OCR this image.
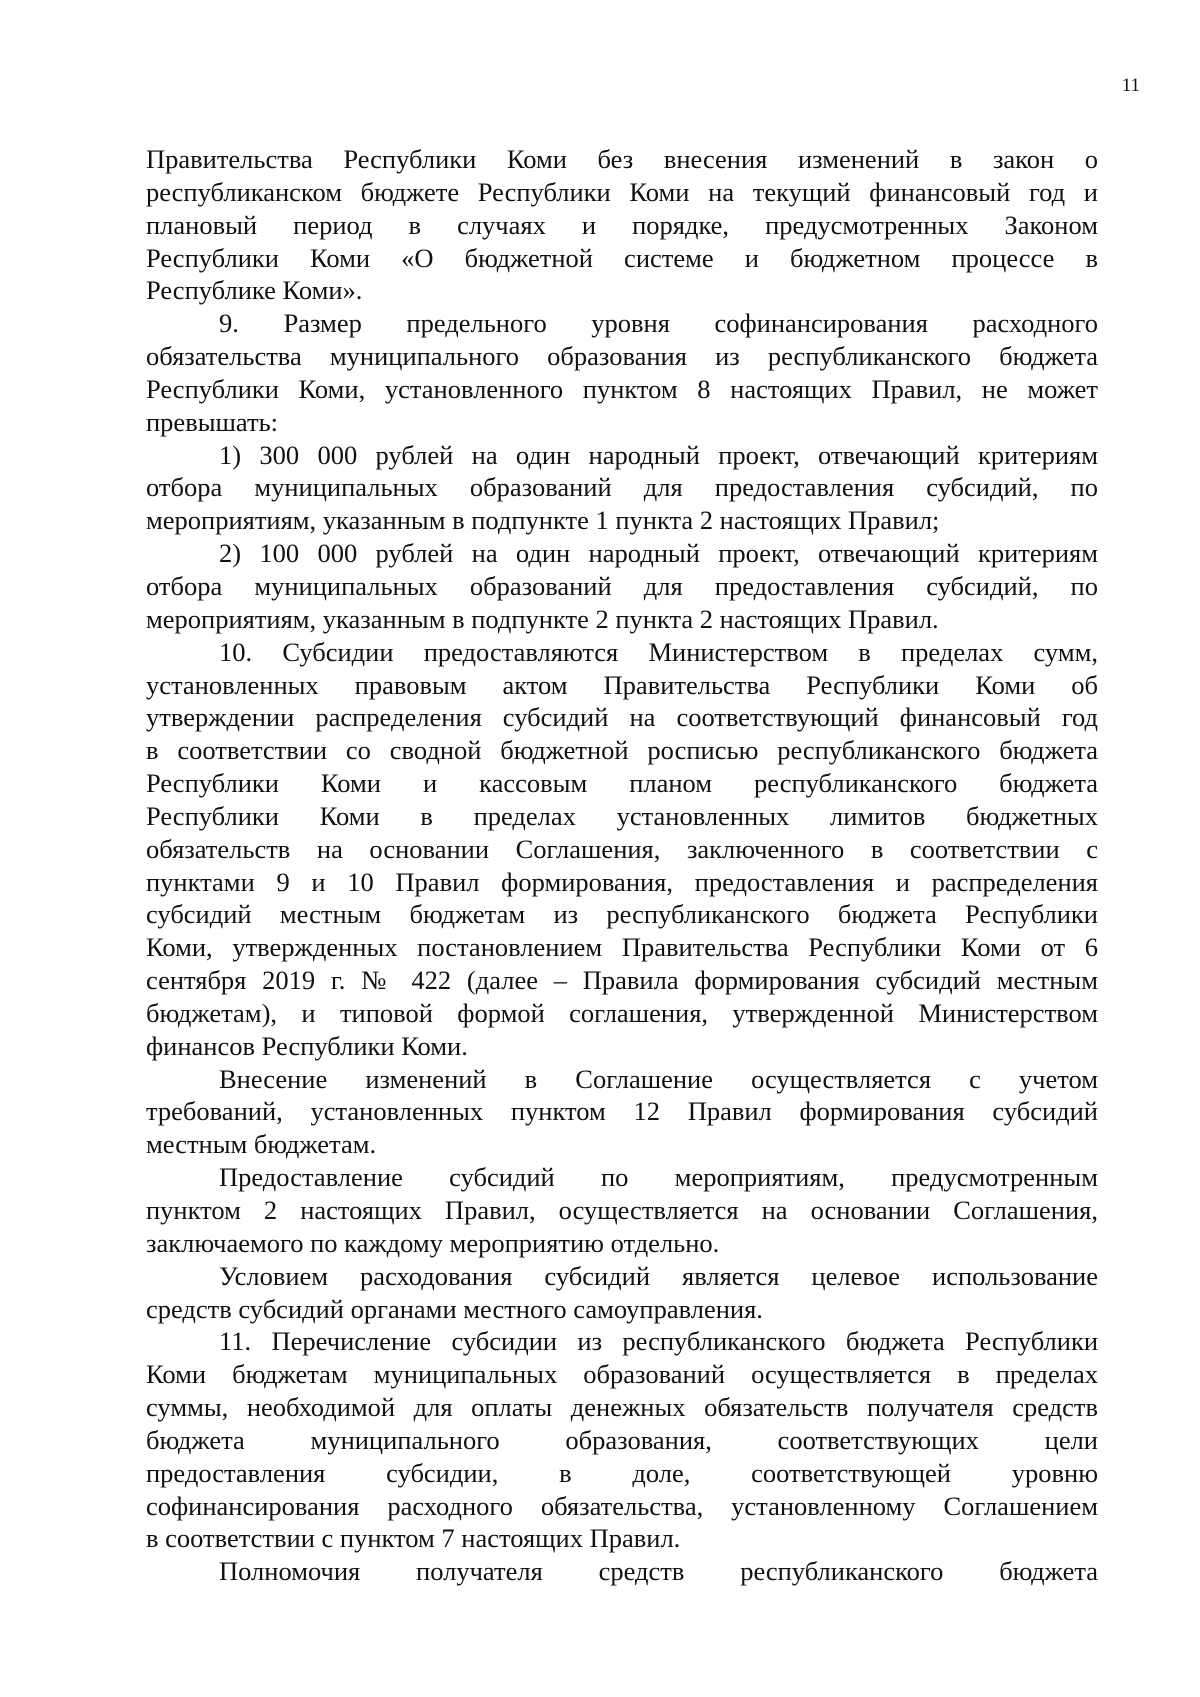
11
Правительства Республики Коми без внесения изменений в закон о
республиканском бюджете Республики Коми на текущий финансовый год и
плановый период в случаях и порядке, предусмотренных Законом
Республики Коми «О бюджетной системе и бюджетном процессе в
Республике Коми».
9. Размер предельного уровня софинансирования расходного
обязательства муниципального образования из республиканского бюджета
Республики Коми, установленного пунктом 8 настоящих Правил, не может
превышать:
1) 300 000 рублей на один народный проект, отвечающий критериям
отбора муниципальных образований для предоставления субсидий, по
мероприятиям, указанным в подпункте 1 пункта 2 настоящих Правил;
2) 100 000 рублей на один народный проект, отвечающий критериям
отбора муниципальных образований для предоставления субсидий, по
мероприятиям, указанным в подпункте 2 пункта 2 настоящих Правил.
10. Субсидии предоставляются Министерством в пределах сумм,
установленных правовым актом Правительства Республики Коми об
утверждении распределения субсидий на соответствующий финансовый год
в соответствии со сводной бюджетной росписью республиканского бюджета
Республики Коми и кассовым планом республиканского бюджета
Республики Коми в пределах установленных лимитов бюджетных
обязательств на основании Соглашения, заключенного в соответствии с
пунктами 9 и 10 Правил формирования, предоставления и распределения
субсидий местным бюджетам из республиканского бюджета Республики
Коми, утвержденных постановлением Правительства Республики Коми от 6
сентября 2019 г. № 422 (далее – Правила формирования субсидий местным
бюджетам), и типовой формой соглашения, утвержденной Министерством
финансов Республики Коми.
Внесение изменений в Соглашение осуществляется с учетом
требований, установленных пунктом 12 Правил формирования субсидий
местным бюджетам.
Предоставление субсидий по мероприятиям, предусмотренным
пунктом 2 настоящих Правил, осуществляется на основании Соглашения,
заключаемого по каждому мероприятию отдельно.
Условием расходования субсидий является целевое использование
средств субсидий органами местного самоуправления.
11. Перечисление субсидии из республиканского бюджета Республики
Коми бюджетам муниципальных образований осуществляется в пределах
суммы, необходимой для оплаты денежных обязательств получателя средств
бюджета муниципального образования, соответствующих цели
предоставления субсидии, в доле, соответствующей уровню
софинансирования расходного обязательства, установленному Соглашением
в соответствии с пунктом 7 настоящих Правил.
Полномочия получателя средств республиканского бюджета
